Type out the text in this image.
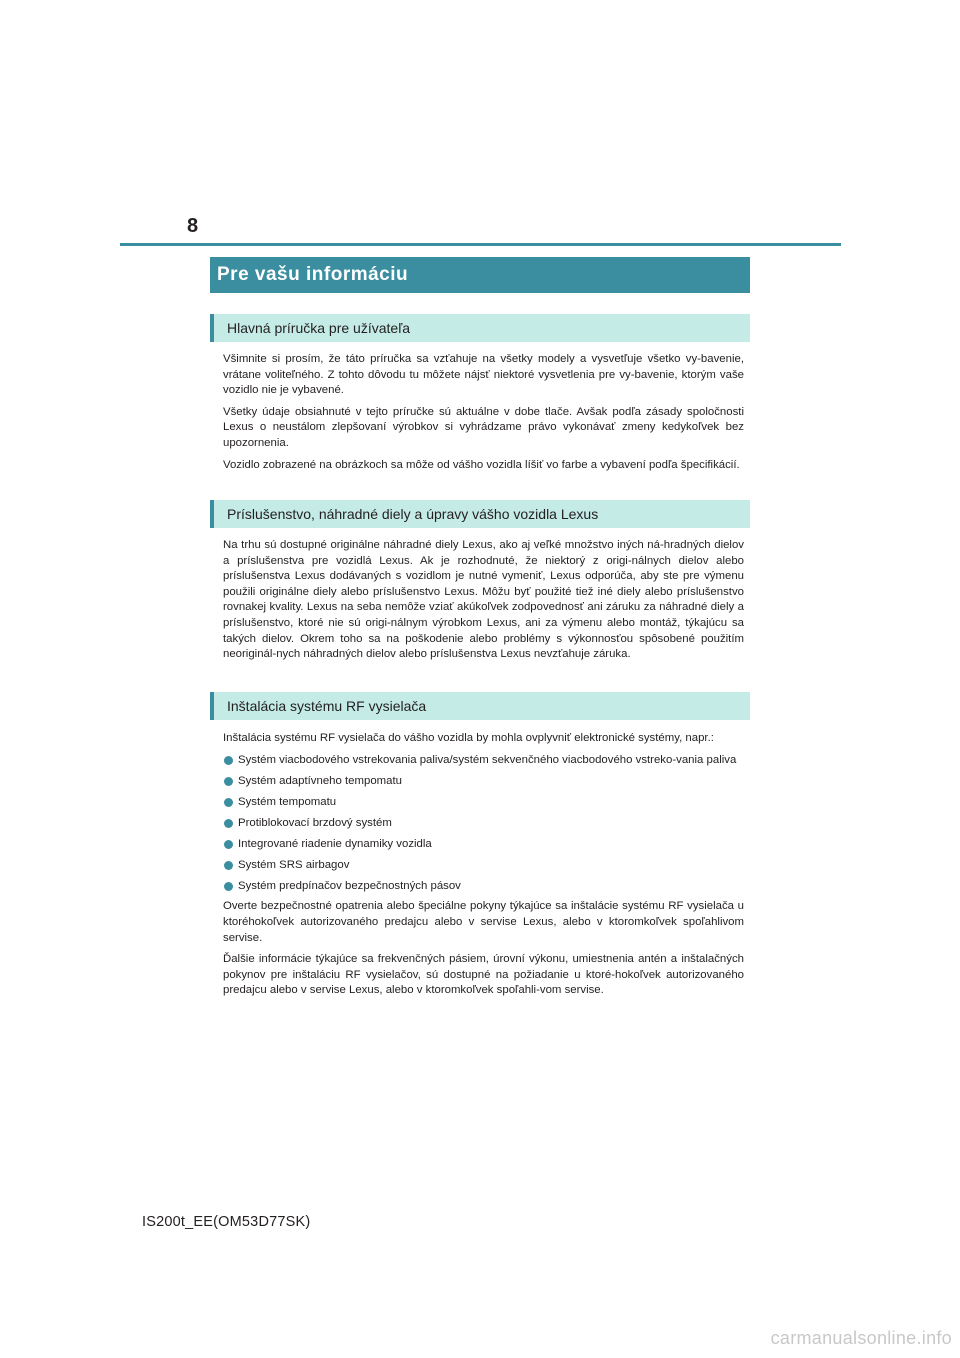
8
Pre vašu informáciu
Hlavná príručka pre užívateľa

Všimnite si prosím, že táto príručka sa vzťahuje na všetky modely a vysvetľuje všetko vy-bavenie, vrátane voliteľného. Z tohto dôvodu tu môžete nájsť niektoré vysvetlenia pre vy-bavenie, ktorým vaše vozidlo nie je vybavené.

Všetky údaje obsiahnuté v tejto príručke sú aktuálne v dobe tlače. Avšak podľa zásady spoločnosti Lexus o neustálom zlepšovaní výrobkov si vyhrádzame právo vykonávať zmeny kedykoľvek bez upozornenia.

Vozidlo zobrazené na obrázkoch sa môže od vášho vozidla líšiť vo farbe a vybavení podľa špecifikácií.

Príslušenstvo, náhradné diely a úpravy vášho vozidla Lexus

Na trhu sú dostupné originálne náhradné diely Lexus, ako aj veľké množstvo iných ná-hradných dielov a príslušenstva pre vozidlá Lexus. Ak je rozhodnuté, že niektorý z origi-nálnych dielov alebo príslušenstva Lexus dodávaných s vozidlom je nutné vymeniť, Lexus odporúča, aby ste pre výmenu použili originálne diely alebo príslušenstvo Lexus. Môžu byť použité tiež iné diely alebo príslušenstvo rovnakej kvality. Lexus na seba nemôže vziať akúkoľvek zodpovednosť ani záruku za náhradné diely a príslušenstvo, ktoré nie sú origi-nálnym výrobkom Lexus, ani za výmenu alebo montáž, týkajúcu sa takých dielov. Okrem toho sa na poškodenie alebo problémy s výkonnosťou spôsobené použitím neoriginál-nych náhradných dielov alebo príslušenstva Lexus nevzťahuje záruka.

Inštalácia systému RF vysielača

Inštalácia systému RF vysielača do vášho vozidla by mohla ovplyvniť elektronické systémy, napr.:

Systém viacbodového vstrekovania paliva/systém sekvenčného viacbodového vstreko-vania paliva
Systém adaptívneho tempomatu
Systém tempomatu
Protiblokovací brzdový systém
Integrované riadenie dynamiky vozidla
Systém SRS airbagov
Systém predpínačov bezpečnostných pásov

Overte bezpečnostné opatrenia alebo špeciálne pokyny týkajúce sa inštalácie systému RF vysielača u ktoréhokoľvek autorizovaného predajcu alebo v servise Lexus, alebo v ktoromkoľvek spoľahlivom servise.

Ďalšie informácie týkajúce sa frekvenčných pásiem, úrovní výkonu, umiestnenia antén a inštalačných pokynov pre inštaláciu RF vysielačov, sú dostupné na požiadanie u ktoré-hokoľvek autorizovaného predajcu alebo v servise Lexus, alebo v ktoromkoľvek spoľahli-vom servise.

IS200t_EE(OM53D77SK)
carmanualsonline.info
